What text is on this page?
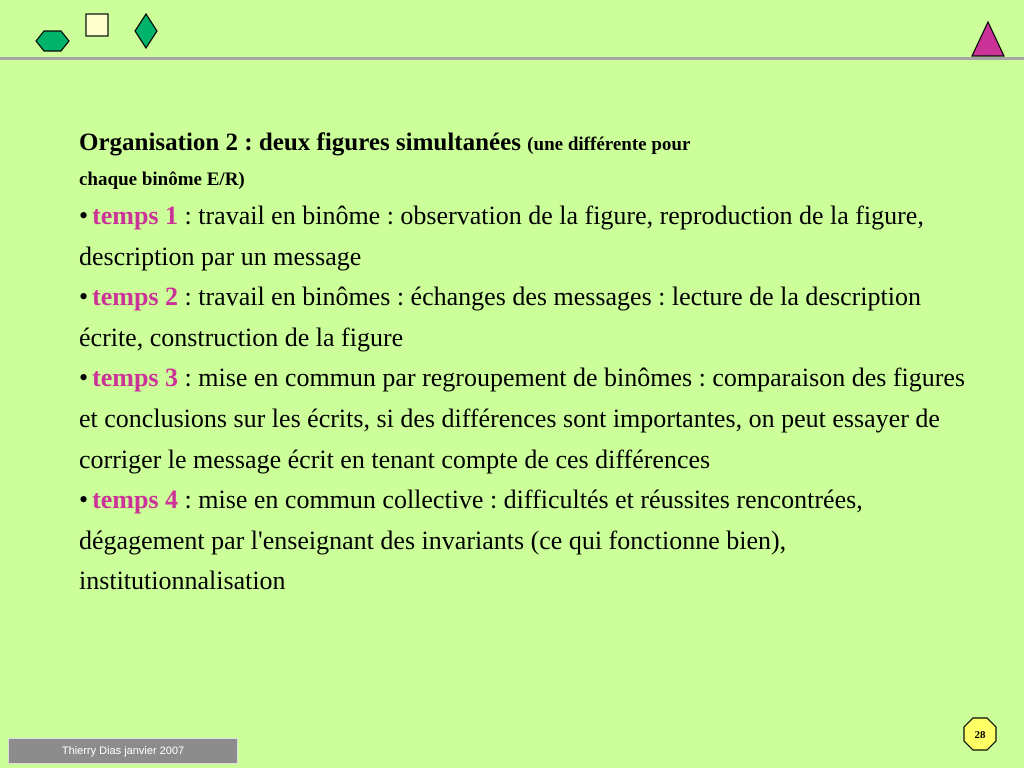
Organisation 2 : deux figures simultanées (une différente pour
chaque binôme E/R)

• temps 1 : travail en binôme : observation de la figure, reproduction de la figure, description par un message

• temps 2 : travail en binômes : échanges des messages : lecture de la description écrite, construction de la figure

• temps 3 : mise en commun par regroupement de binômes : comparaison des figures et conclusions sur les écrits, si des différences sont importantes, on peut essayer de corriger le message écrit en tenant compte de ces différences

• temps 4 : mise en commun collective : difficultés et réussites rencontrées, dégagement par l'enseignant des invariants (ce qui fonctionne bien), institutionnalisation

Thierry Dias janvier 2007
28
